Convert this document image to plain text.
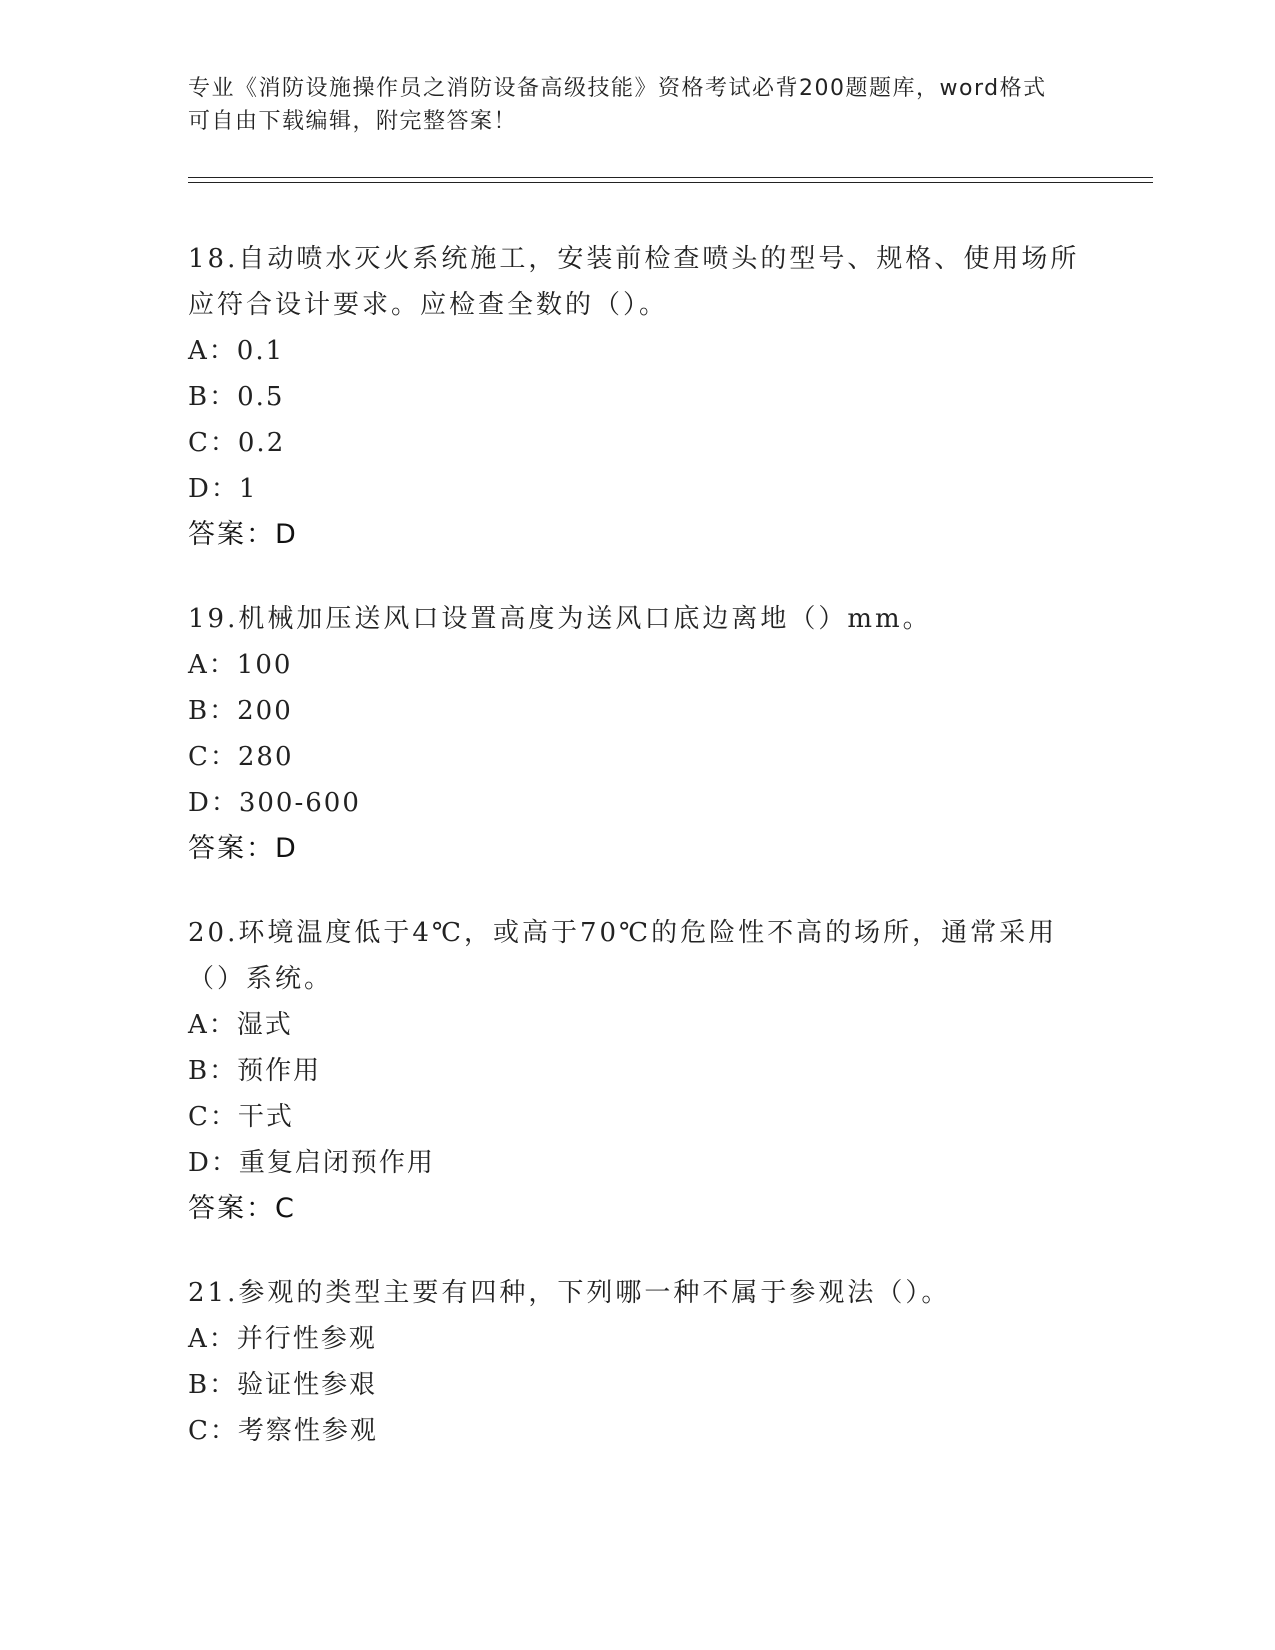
专业《消防设施操作员之消防设备高级技能》资格考试必背200题题库，word格式可自由下载编辑，附完整答案！
18.自动喷水灭火系统施工，安装前检查喷头的型号、规格、使用场所应符合设计要求。应检查全数的（）。
A：0.1
B：0.5
C：0.2
D：1
答案：D
19.机械加压送风口设置高度为送风口底边离地（）mm。
A：100
B：200
C：280
D：300-600
答案：D
20.环境温度低于4℃，或高于70℃的危险性不高的场所，通常采用（）系统。
A：湿式
B：预作用
C：干式
D：重复启闭预作用
答案：C
21.参观的类型主要有四种，下列哪一种不属于参观法（）。
A：并行性参观
B：验证性参艰
C：考察性参观
